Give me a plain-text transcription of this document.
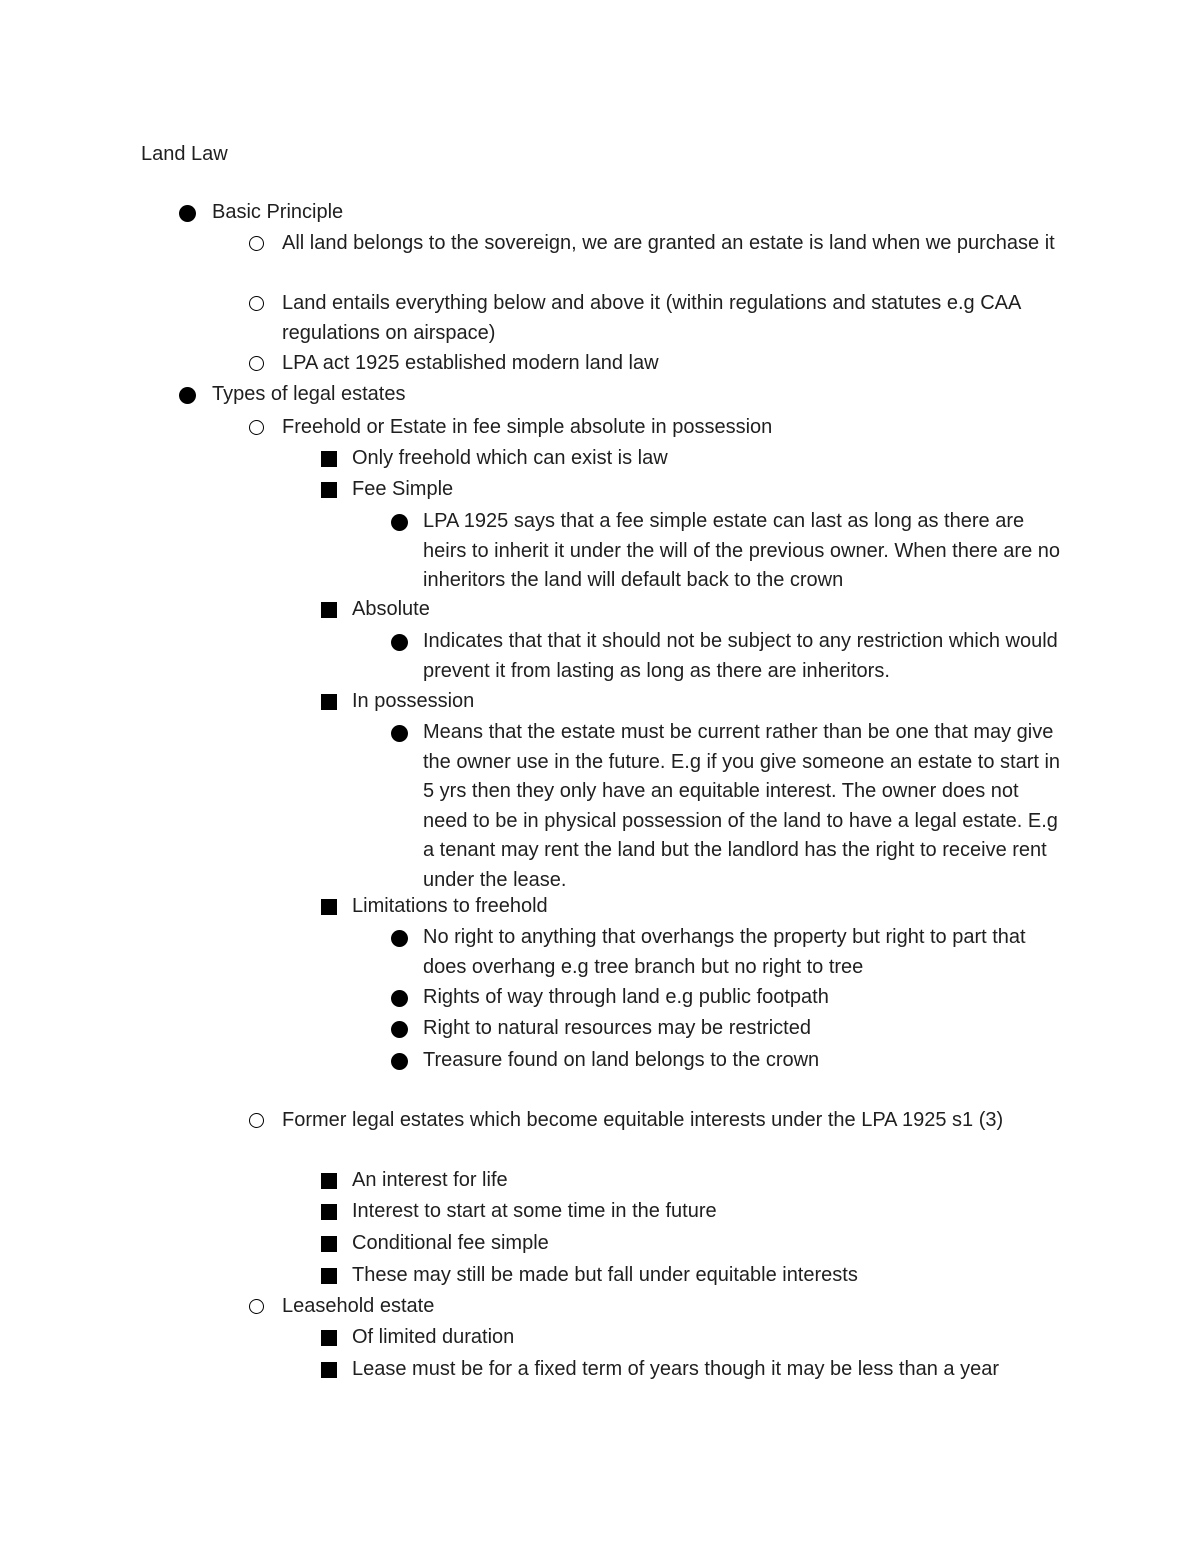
Land Law
Basic Principle
All land belongs to the sovereign, we are granted an estate is land when we purchase it
Land entails everything below and above it (within regulations and statutes e.g CAA regulations on airspace)
LPA act 1925 established modern land law
Types of legal estates
Freehold or Estate in fee simple absolute in possession
Only freehold which can exist is law
Fee Simple
LPA 1925 says that a fee simple estate can last as long as there are heirs to inherit it under the will of the previous owner. When there are no inheritors the land will default back to the crown
Absolute
Indicates that that it should not be subject to any restriction which would prevent it from lasting as long as there are inheritors.
In possession
Means that the estate must be current rather than be one that may give the owner use in the future. E.g if you give someone an estate to start in 5 yrs then they only have an equitable interest. The owner does not need to be in physical possession of the land to have a legal estate. E.g a tenant may rent the land but the landlord has the right to receive rent under the lease.
Limitations to freehold
No right to anything that overhangs the property but right to part that does overhang e.g tree branch but no right to tree
Rights of way through land e.g public footpath
Right to natural resources may be restricted
Treasure found on land belongs to the crown
Former legal estates which become equitable interests under the LPA 1925 s1 (3)
An interest for life
Interest to start at some time in the future
Conditional fee simple
These may still be made but fall under equitable interests
Leasehold estate
Of limited duration
Lease must be for a fixed term of years though it may be less than a year
